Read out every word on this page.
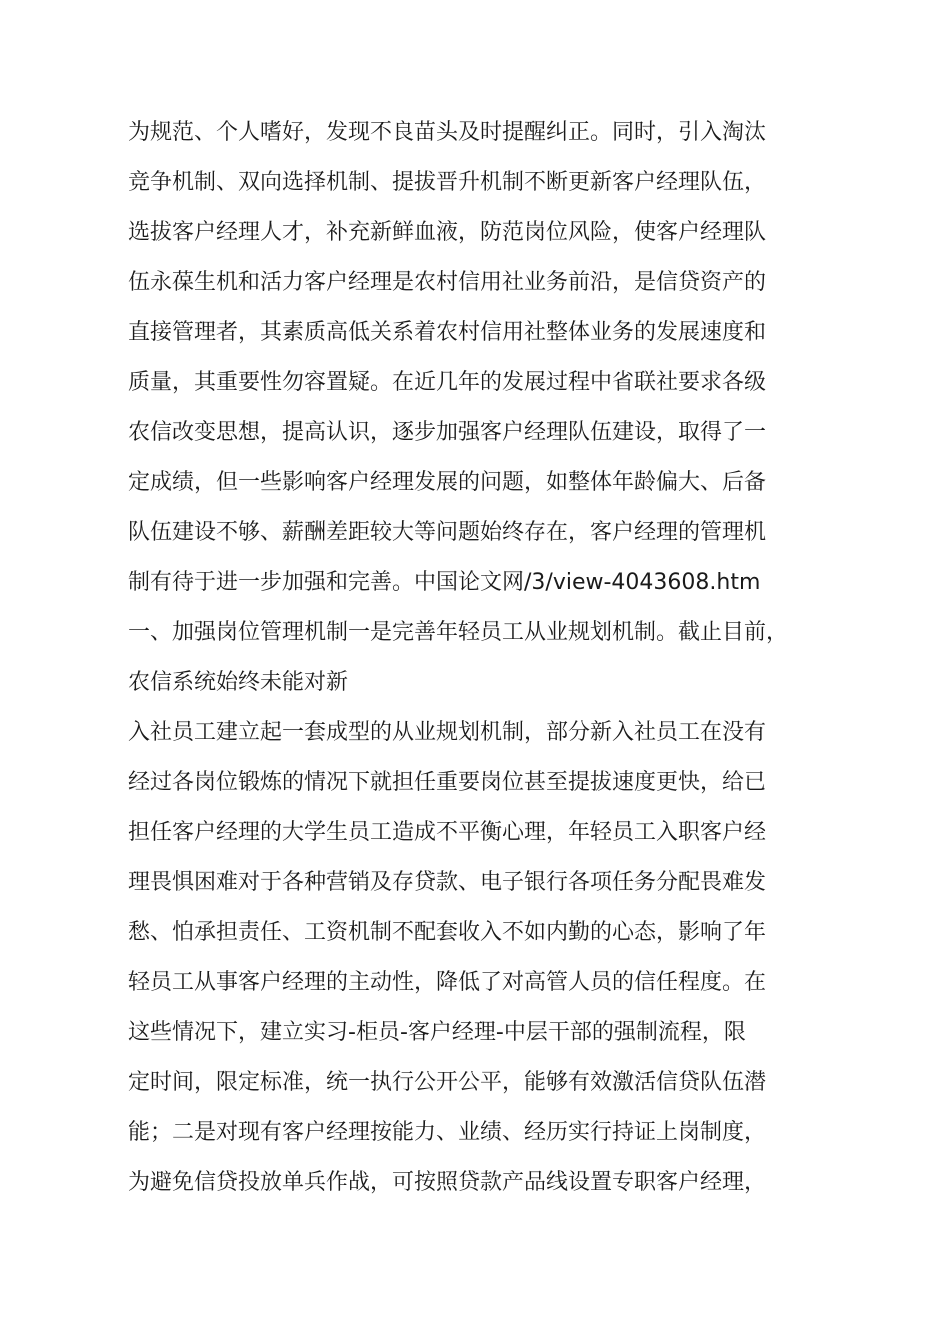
为规范、个人嗜好，发现不良苗头及时提醒纠正。同时，引入淘汰
竞争机制、双向选择机制、提拔晋升机制不断更新客户经理队伍，
选拔客户经理人才，补充新鲜血液，防范岗位风险，使客户经理队
伍永葆生机和活力客户经理是农村信用社业务前沿，是信贷资产的
直接管理者，其素质高低关系着农村信用社整体业务的发展速度和
质量，其重要性勿容置疑。在近几年的发展过程中省联社要求各级
农信改变思想，提高认识，逐步加强客户经理队伍建设，取得了一
定成绩，但一些影响客户经理发展的问题，如整体年龄偏大、后备
队伍建设不够、薪酬差距较大等问题始终存在，客户经理的管理机
制有待于进一步加强和完善。中国论文网/3/view-4043608.htm
一、加强岗位管理机制一是完善年轻员工从业规划机制。截止目前，
农信系统始终未能对新
入社员工建立起一套成型的从业规划机制，部分新入社员工在没有
经过各岗位锻炼的情况下就担任重要岗位甚至提拔速度更快，给已
担任客户经理的大学生员工造成不平衡心理，年轻员工入职客户经
理畏惧困难对于各种营销及存贷款、电子银行各项任务分配畏难发
愁、怕承担责任、工资机制不配套收入不如内勤的心态，影响了年
轻员工从事客户经理的主动性，降低了对高管人员的信任程度。在
这些情况下，建立实习-柜员-客户经理-中层干部的强制流程，限
定时间，限定标准，统一执行公开公平，能够有效激活信贷队伍潜
能；二是对现有客户经理按能力、业绩、经历实行持证上岗制度，
为避免信贷投放单兵作战，可按照贷款产品线设置专职客户经理，
